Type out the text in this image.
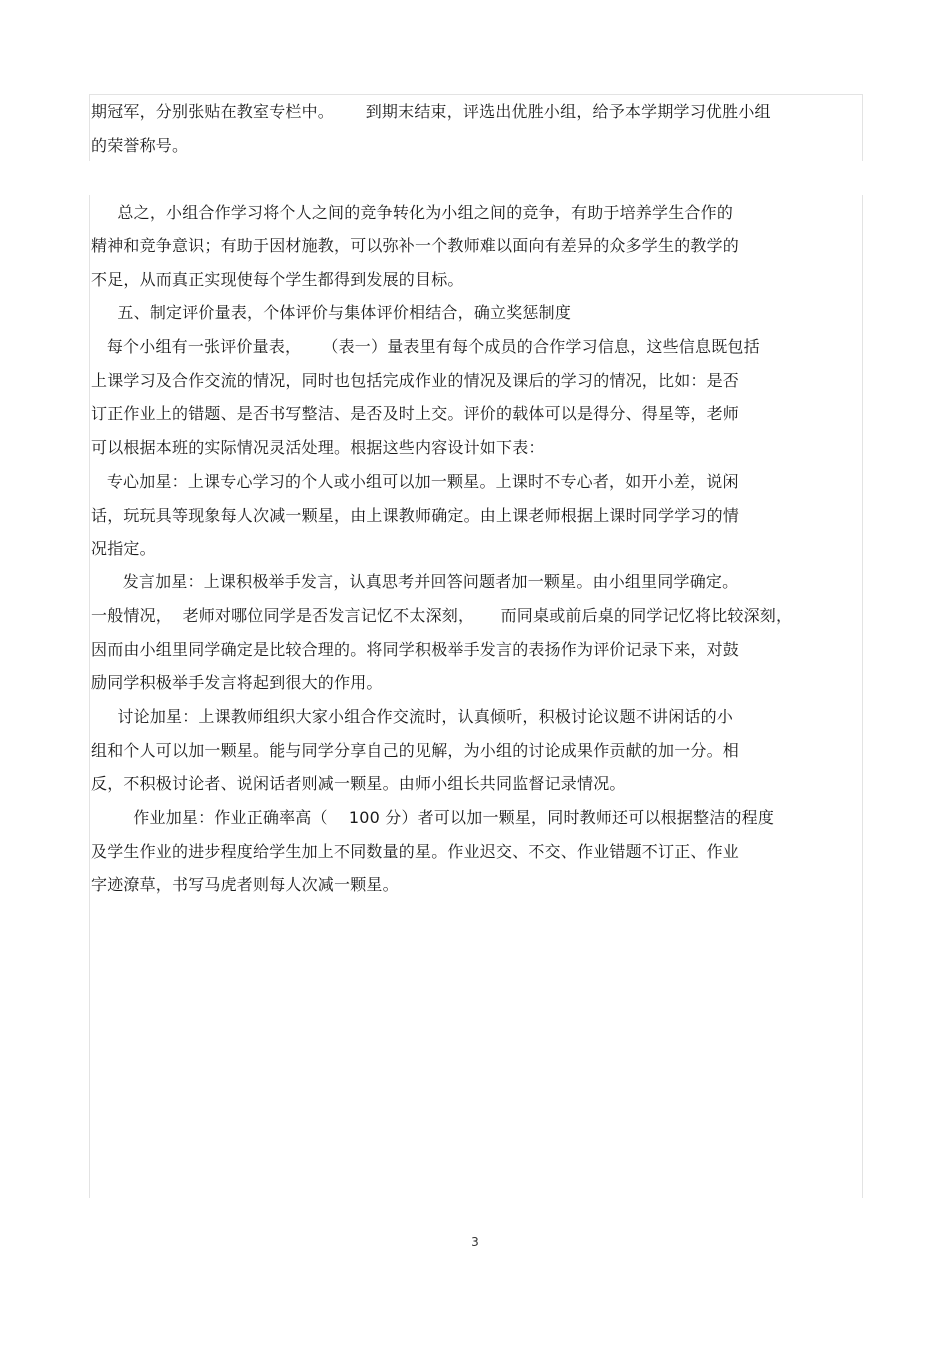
期冠军，分别张贴在教室专栏中。      到期末结束，评选出优胜小组，给予本学期学习优胜小组
的荣誉称号。
总之，小组合作学习将个人之间的竞争转化为小组之间的竞争，有助于培养学生合作的
精神和竞争意识；有助于因材施教，可以弥补一个教师难以面向有差异的众多学生的教学的
不足，从而真正实现使每个学生都得到发展的目标。
五、制定评价量表，个体评价与集体评价相结合，确立奖惩制度
每个小组有一张评价量表，    （表一）量表里有每个成员的合作学习信息，这些信息既包括
上课学习及合作交流的情况，同时也包括完成作业的情况及课后的学习的情况，比如：是否
订正作业上的错题、是否书写整洁、是否及时上交。评价的载体可以是得分、得星等，老师
可以根据本班的实际情况灵活处理。根据这些内容设计如下表：
专心加星：上课专心学习的个人或小组可以加一颗星。上课时不专心者，如开小差，说闲
话，玩玩具等现象每人次减一颗星，由上课教师确定。由上课老师根据上课时同学学习的情
况指定。
发言加星：上课积极举手发言，认真思考并回答问题者加一颗星。由小组里同学确定。
一般情况，  老师对哪位同学是否发言记忆不太深刻，     而同桌或前后桌的同学记忆将比较深刻，
因而由小组里同学确定是比较合理的。将同学积极举手发言的表扬作为评价记录下来，对鼓
励同学积极举手发言将起到很大的作用。
讨论加星：上课教师组织大家小组合作交流时，认真倾听，积极讨论议题不讲闲话的小
组和个人可以加一颗星。能与同学分享自己的见解，为小组的讨论成果作贡献的加一分。相
反，不积极讨论者、说闲话者则减一颗星。由师小组长共同监督记录情况。
作业加星：作业正确率高（    100 分）者可以加一颗星，同时教师还可以根据整洁的程度
及学生作业的进步程度给学生加上不同数量的星。作业迟交、不交、作业错题不订正、作业
字迹潦草，书写马虎者则每人次减一颗星。
3
